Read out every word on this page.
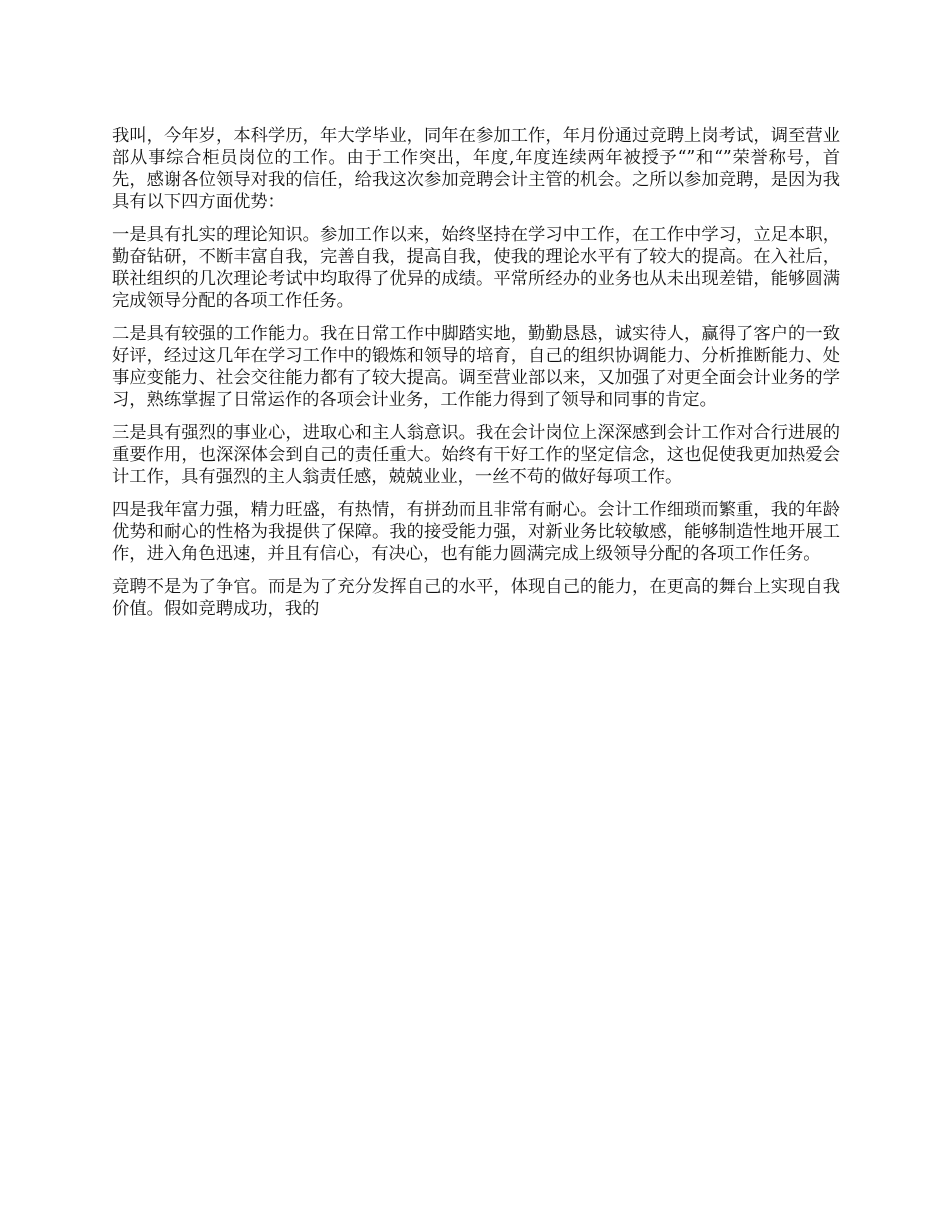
我叫，今年岁，本科学历，年大学毕业，同年在参加工作，年月份通过竞聘上岗考试，调至营业部从事综合柜员岗位的工作。由于工作突出，年度,年度连续两年被授予“”和“”荣誉称号，首先，感谢各位领导对我的信任，给我这次参加竞聘会计主管的机会。之所以参加竞聘，是因为我具有以下四方面优势：

一是具有扎实的理论知识。参加工作以来，始终坚持在学习中工作，在工作中学习，立足本职，勤奋钻研，不断丰富自我，完善自我，提高自我，使我的理论水平有了较大的提高。在入社后，联社组织的几次理论考试中均取得了优异的成绩。平常所经办的业务也从未出现差错，能够圆满完成领导分配的各项工作任务。

二是具有较强的工作能力。我在日常工作中脚踏实地，勤勤恳恳，诚实待人，赢得了客户的一致好评，经过这几年在学习工作中的锻炼和领导的培育，自己的组织协调能力、分析推断能力、处事应变能力、社会交往能力都有了较大提高。调至营业部以来，又加强了对更全面会计业务的学习，熟练掌握了日常运作的各项会计业务，工作能力得到了领导和同事的肯定。

三是具有强烈的事业心，进取心和主人翁意识。我在会计岗位上深深感到会计工作对合行进展的重要作用，也深深体会到自己的责任重大。始终有干好工作的坚定信念，这也促使我更加热爱会计工作，具有强烈的主人翁责任感，兢兢业业，一丝不苟的做好每项工作。

四是我年富力强，精力旺盛，有热情，有拼劲而且非常有耐心。会计工作细琐而繁重，我的年龄优势和耐心的性格为我提供了保障。我的接受能力强，对新业务比较敏感，能够制造性地开展工作，进入角色迅速，并且有信心，有决心，也有能力圆满完成上级领导分配的各项工作任务。

竞聘不是为了争官。而是为了充分发挥自己的水平，体现自己的能力，在更高的舞台上实现自我价值。假如竞聘成功，我的
